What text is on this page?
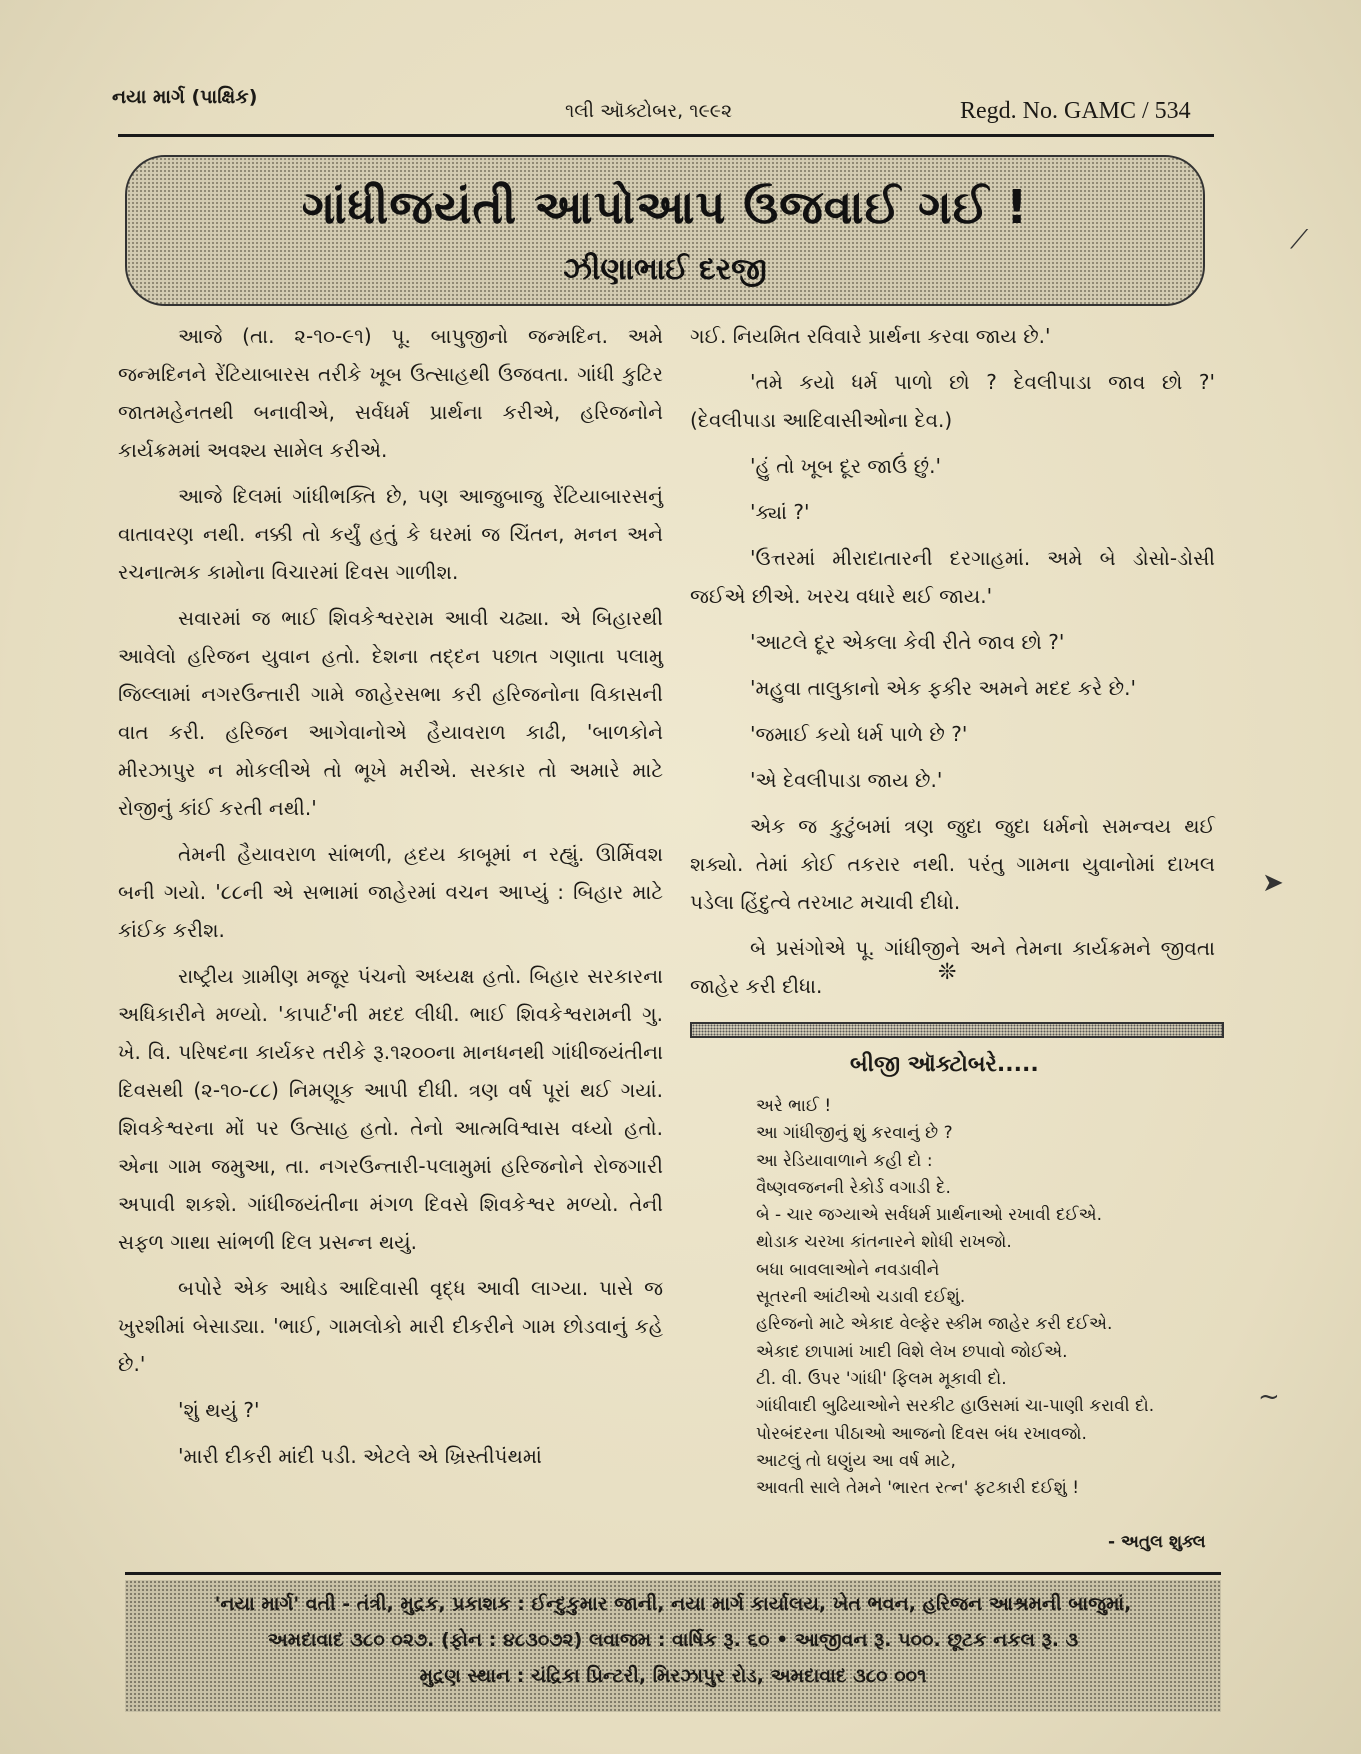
નયા માર્ગ (પાક્ષિક)
૧લી ઑક્ટોબર, ૧૯૯૨	Regd. No. GAMC / 534
ગાંધીજયંતી આપોઆપ ઉજવાઈ ગઈ !
ઝીણાભાઈ દરજી

આજે (તા. ૨-૧૦-૯૧) પૂ. બાપુજીનો જન્મદિન. અમે જન્મદિનને રેંટિયાબારસ તરીકે ખૂબ ઉત્સાહથી ઉજવતા. ગાંધી કુટિર જાતમહેનતથી બનાવીએ, સર્વધર્મ પ્રાર્થના કરીએ, હરિજનોને કાર્યક્રમમાં અવશ્ય સામેલ કરીએ.

આજે દિલમાં ગાંધીભક્તિ છે, પણ આજુબાજુ રેંટિયાબારસનું વાતાવરણ નથી. નક્કી તો કર્યું હતું કે ઘરમાં જ ચિંતન, મનન અને રચનાત્મક કામોના વિચારમાં દિવસ ગાળીશ.

સવારમાં જ ભાઈ શિવકેશ્વરરામ આવી ચઢ્યા. એ બિહારથી આવેલો હરિજન યુવાન હતો. દેશના તદ્દન પછાત ગણાતા પલામુ જિલ્લામાં નગરઉન્તારી ગામે જાહેરસભા કરી હરિજનોના વિકાસની વાત કરી. હરિજન આગેવાનોએ હૈયાવરાળ કાઢી, 'બાળકોને મીરઝાપુર ન મોકલીએ તો ભૂખે મરીએ. સરકાર તો અમારે માટે રોજીનું કાંઈ કરતી નથી.'

તેમની હૈયાવરાળ સાંભળી, હ્રદય કાબૂમાં ન રહ્યું. ઊર્મિવશ બની ગયો. '૮૮ની એ સભામાં જાહેરમાં વચન આપ્યું : બિહાર માટે કાંઈક કરીશ.

રાષ્ટ્રીય ગ્રામીણ મજૂર પંચનો અધ્યક્ષ હતો. બિહાર સરકારના અધિકારીને મળ્યો. 'કાપાર્ટ'ની મદદ લીધી. ભાઈ શિવકેશ્વરામની ગુ. ખે. વિ. પરિષદના કાર્યકર તરીકે રૂ.૧૨૦૦ના માનધનથી ગાંધીજયંતીના દિવસથી (૨-૧૦-૮૮) નિમણૂક આપી દીધી. ત્રણ વર્ષ પૂરાં થઈ ગયાં. શિવકેશ્વરના મોં પર ઉત્સાહ હતો. તેનો આત્મવિશ્વાસ વધ્યો હતો. એના ગામ જમુઆ, તા. નગરઉન્તારી-પલામુમાં હરિજનોને રોજગારી અપાવી શકશે. ગાંધીજયંતીના મંગળ દિવસે શિવકેશ્વર મળ્યો. તેની સફળ ગાથા સાંભળી દિલ પ્રસન્ન થયું.

બપોરે એક આધેડ આદિવાસી વૃદ્ધ આવી લાગ્યા. પાસે જ ખુરશીમાં બેસાડ્યા. 'ભાઈ, ગામલોકો મારી દીકરીને ગામ છોડવાનું કહે છે.'

'શું થયું ?'

'મારી દીકરી માંદી પડી. એટલે એ ખ્રિસ્તીપંથમાં

ગઈ. નિયમિત રવિવારે પ્રાર્થના કરવા જાય છે.'

'તમે કયો ધર્મ પાળો છો ? દેવલીપાડા જાવ છો ?' (દેવલીપાડા આદિવાસીઓના દેવ.)

'હું તો ખૂબ દૂર જાઉં છું.'

'ક્યાં ?'

'ઉત્તરમાં મીરાદાતારની દરગાહમાં. અમે બે ડોસો-ડોસી જઈએ છીએ. ખરચ વધારે થઈ જાય.'

'આટલે દૂર એકલા કેવી રીતે જાવ છો ?'

'મહુવા તાલુકાનો એક ફકીર અમને મદદ કરે છે.'

'જમાઈ કયો ધર્મ પાળે છે ?'

'એ દેવલીપાડા જાય છે.'

એક જ કુટુંબમાં ત્રણ જુદા જુદા ધર્મનો સમન્વય થઈ શક્યો. તેમાં કોઈ તકરાર નથી. પરંતુ ગામના યુવાનોમાં દાખલ પડેલા હિંદુત્વે તરખાટ મચાવી દીધો.

બે પ્રસંગોએ પૂ. ગાંધીજીને અને તેમના કાર્યક્રમને જીવતા જાહેર કરી દીધા.

❊
બીજી ઑક્ટોબરે.....
અરે ભાઈ !
આ ગાંધીજીનું શું કરવાનું છે ?
આ રેડિયાવાળાને કહી દો :
વૈષ્ણવજનની રેકોર્ડ વગાડી દે.
બે - ચાર જગ્યાએ સર્વધર્મ પ્રાર્થનાઓ રખાવી દઈએ.
થોડાક ચરખા કાંતનારને શોધી રાખજો.
બધા બાવલાઓને નવડાવીને
સૂતરની આંટીઓ ચડાવી દઈશું.
હરિજનો માટે એકાદ વેલ્ફેર સ્કીમ જાહેર કરી દઈએ.
એકાદ છાપામાં ખાદી વિશે લેખ છપાવો જોઈએ.
ટી. વી. ઉપર 'ગાંધી' ફિલમ મૂકાવી દો.
ગાંધીવાદી બુઢિયાઓને સરકીટ હાઉસમાં ચા-પાણી કરાવી દો.
પોરબંદરના પીઠાઓ આજનો દિવસ બંધ રખાવજો.
આટલું તો ઘણુંય આ વર્ષ માટે,
આવતી સાલે તેમને 'ભારત રત્ન' ફટકારી દઈશું !
- અતુલ શુક્લ
'નયા માર્ગ' વતી - તંત્રી, મુદ્રક, પ્રકાશક : ઈન્દુકુમાર જાની, નયા માર્ગ કાર્યાલય, ખેત ભવન, હરિજન આશ્રમની બાજુમાં,
અમદાવાદ ૩૮૦ ૦૨૭. (ફોન : ૪૮૩૦૭૨) લવાજમ : વાર્ષિક રૂ. ૬૦ • આજીવન રૂ. ૫૦૦. છૂટક નકલ રૂ. ૩
મુદ્રણ સ્થાન : ચંદ્રિકા પ્રિન્ટરી, મિરઝાપુર રોડ, અમદાવાદ ૩૮૦ ૦૦૧
⟋
➤
~
